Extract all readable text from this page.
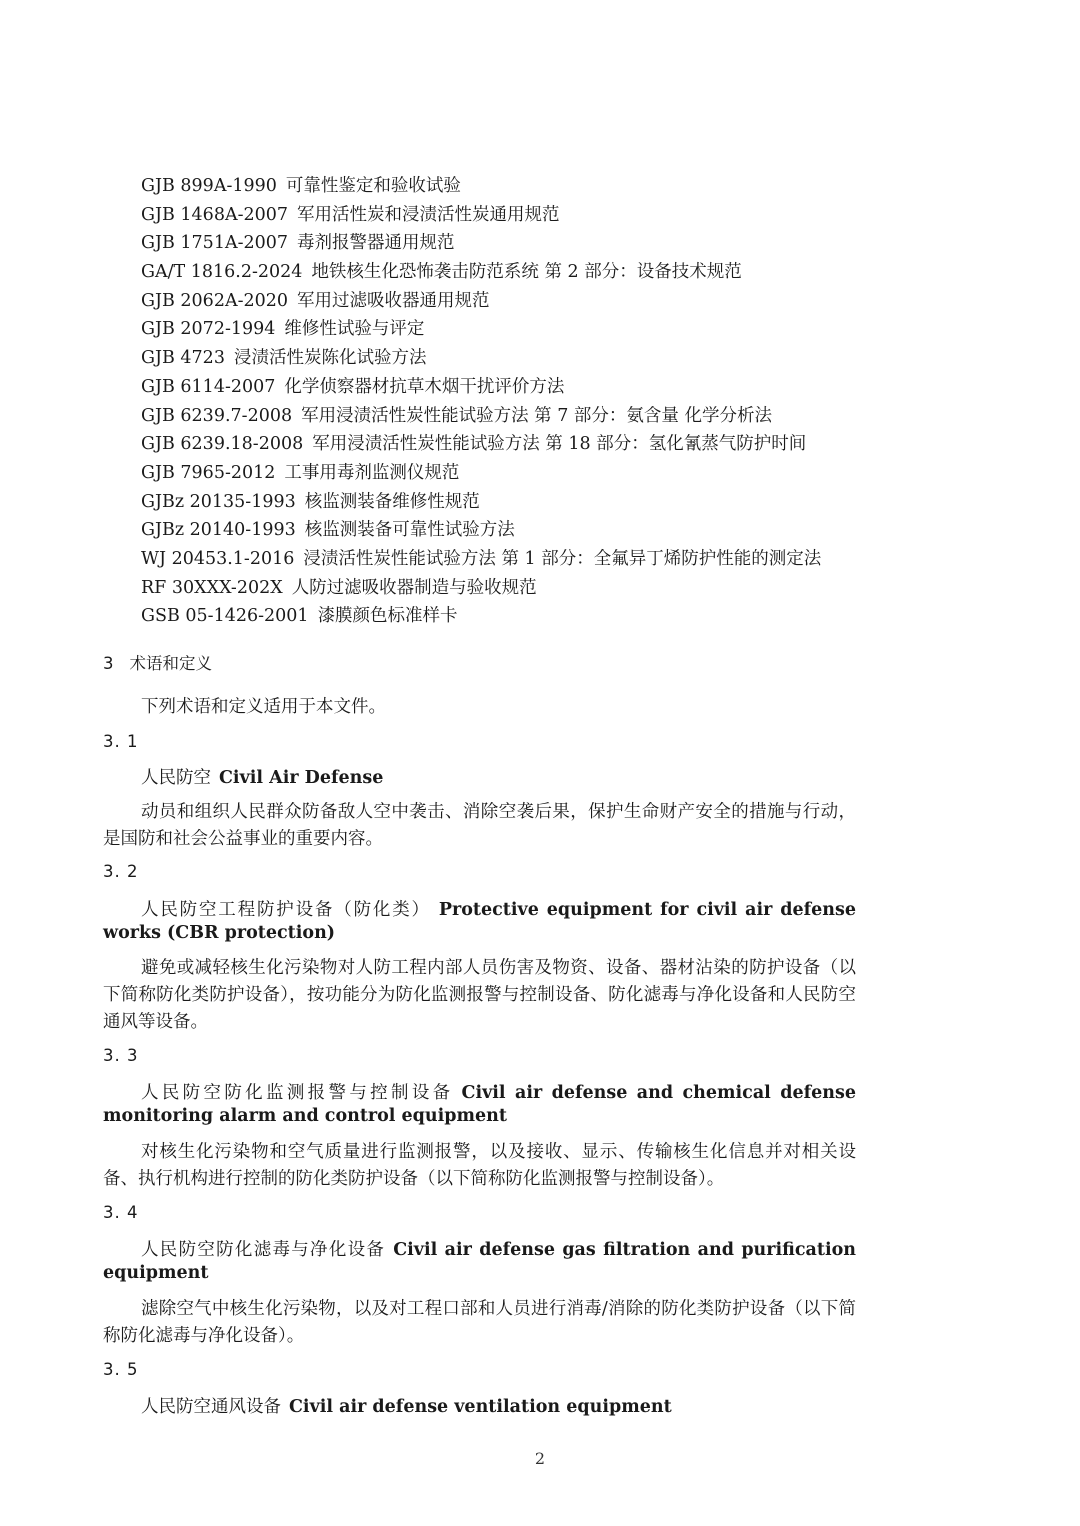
GJB 899A-1990 可靠性鉴定和验收试验
GJB 1468A-2007 军用活性炭和浸渍活性炭通用规范
GJB 1751A-2007 毒剂报警器通用规范
GA/T 1816.2-2024 地铁核生化恐怖袭击防范系统 第 2 部分：设备技术规范
GJB 2062A-2020 军用过滤吸收器通用规范
GJB 2072-1994 维修性试验与评定
GJB 4723 浸渍活性炭陈化试验方法
GJB 6114-2007 化学侦察器材抗草木烟干扰评价方法
GJB 6239.7-2008 军用浸渍活性炭性能试验方法 第 7 部分：氨含量 化学分析法
GJB 6239.18-2008 军用浸渍活性炭性能试验方法 第 18 部分：氢化氰蒸气防护时间
GJB 7965-2012 工事用毒剂监测仪规范
GJBz 20135-1993 核监测装备维修性规范
GJBz 20140-1993 核监测装备可靠性试验方法
WJ 20453.1-2016 浸渍活性炭性能试验方法 第 1 部分：全氟异丁烯防护性能的测定法
RF 30XXX-202X 人防过滤吸收器制造与验收规范
GSB 05-1426-2001 漆膜颜色标准样卡
3 术语和定义
下列术语和定义适用于本文件。
3. 1
人民防空 Civil Air Defense
动员和组织人民群众防备敌人空中袭击、消除空袭后果，保护生命财产安全的措施与行动，是国防和社会公益事业的重要内容。
3. 2
人民防空工程防护设备（防化类） Protective equipment for civil air defense works (CBR protection)
避免或减轻核生化污染物对人防工程内部人员伤害及物资、设备、器材沾染的防护设备（以下简称防化类防护设备），按功能分为防化监测报警与控制设备、防化滤毒与净化设备和人民防空通风等设备。
3. 3
人民防空防化监测报警与控制设备 Civil air defense and chemical defense monitoring alarm and control equipment
对核生化污染物和空气质量进行监测报警，以及接收、显示、传输核生化信息并对相关设备、执行机构进行控制的防化类防护设备（以下简称防化监测报警与控制设备）。
3. 4
人民防空防化滤毒与净化设备 Civil air defense gas filtration and purification equipment
滤除空气中核生化污染物，以及对工程口部和人员进行消毒/消除的防化类防护设备（以下简称防化滤毒与净化设备）。
3. 5
人民防空通风设备 Civil air defense ventilation equipment
2
